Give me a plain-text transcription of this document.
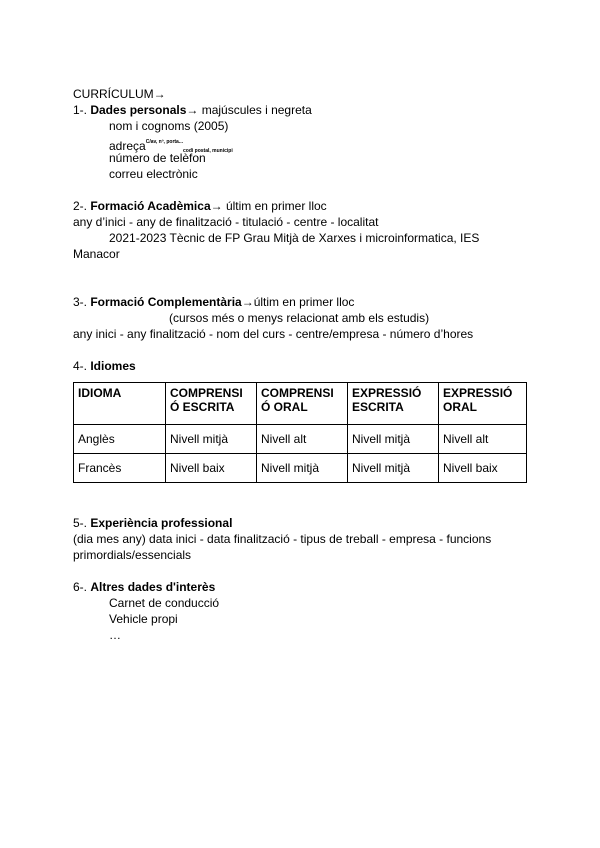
CURRÍCULUM→
1-. Dades personals→ majúscules i negreta
nom i cognoms (2005)
adreça$^{C/av, nº, porta...}_{codi postal, municipi}$
número de telèfon
correu electrònic
2-. Formació Acadèmica→ últim en primer lloc
any d’inici - any de finalització - titulació - centre - localitat
2021-2023 Tècnic de FP Grau Mitjà de Xarxes i microinformatica, IES
Manacor
3-. Formació Complementària→últim en primer lloc
(cursos més o menys relacionat amb els estudis)
any inici - any finalització - nom del curs - centre/empresa - número d’hores
4-. Idiomes
IDIOMA	COMPRENSI Ó ESCRITA	COMPRENSI Ó ORAL	EXPRESSIÓ ESCRITA	EXPRESSIÓ ORAL
Anglès	Nivell mitjà	Nivell alt	Nivell mitjà	Nivell alt
Francès	Nivell baix	Nivell mitjà	Nivell mitjà	Nivell baix
5-. Experiència professional
(dia mes any) data inici - data finalització - tipus de treball - empresa - funcions
primordials/essencials
6-. Altres dades d'interès
Carnet de conducció
Vehicle propi
…
